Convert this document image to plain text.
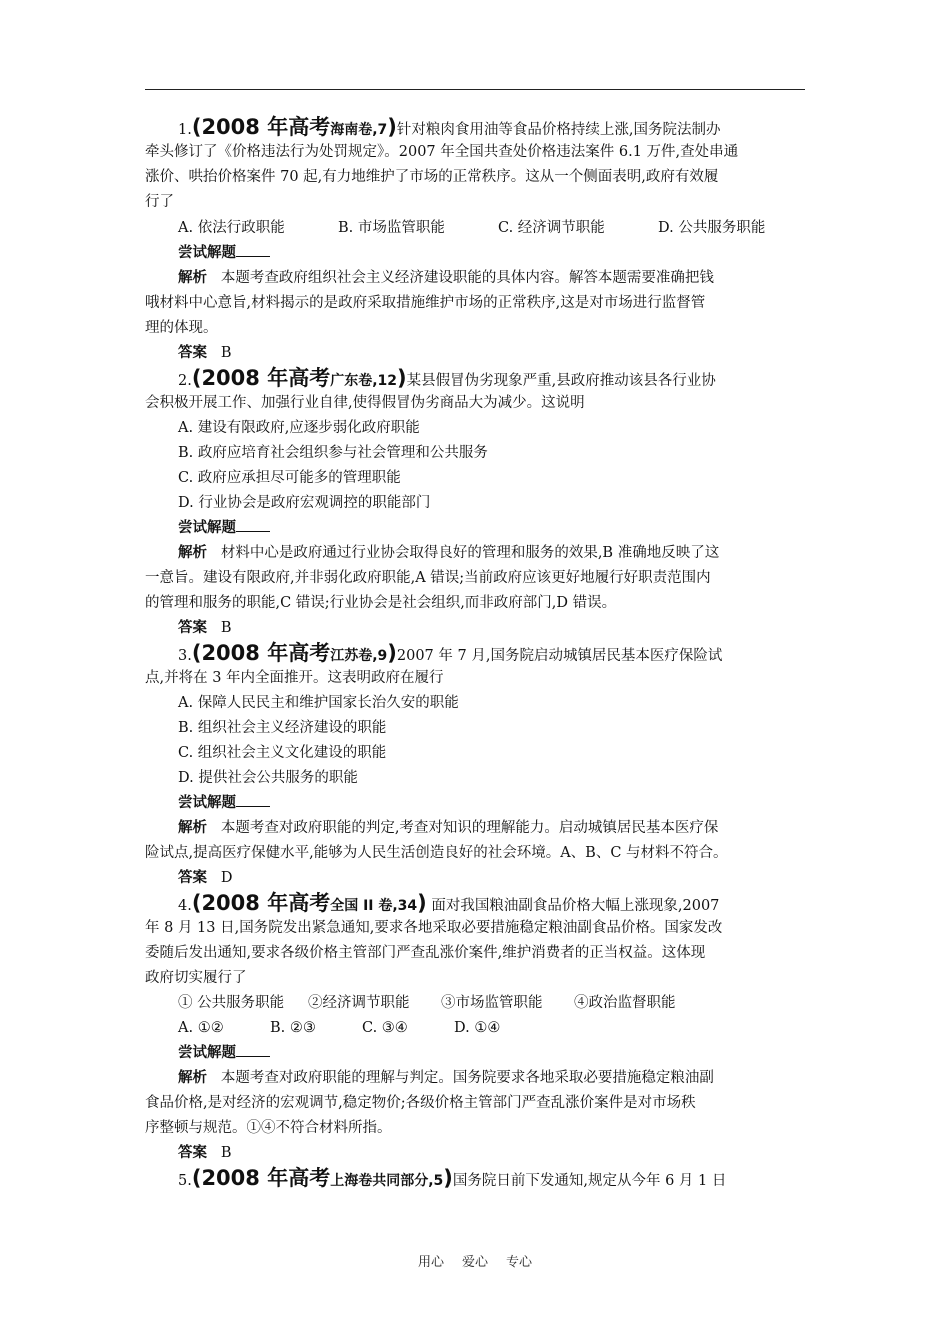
1.(2008 年高考海南卷,7)针对粮肉食用油等食品价格持续上涨,国务院法制办
牵头修订了《价格违法行为处罚规定》。2007 年全国共查处价格违法案件 6.1 万件,查处串通
涨价、哄抬价格案件 70 起,有力地维护了市场的正常秩序。这从一个侧面表明,政府有效履
行了
A. 依法行政职能	B. 市场监管职能	C. 经济调节职能	D. 公共服务职能
尝试解题
解析 本题考查政府组织社会主义经济建设职能的具体内容。解答本题需要准确把钱
哦材料中心意旨,材料揭示的是政府采取措施维护市场的正常秩序,这是对市场进行监督管
理的体现。
答案 B
2.(2008 年高考广东卷,12)某县假冒伪劣现象严重,县政府推动该县各行业协
会积极开展工作、加强行业自律,使得假冒伪劣商品大为减少。这说明
A. 建设有限政府,应逐步弱化政府职能
B. 政府应培育社会组织参与社会管理和公共服务
C. 政府应承担尽可能多的管理职能
D. 行业协会是政府宏观调控的职能部门
尝试解题
解析 材料中心是政府通过行业协会取得良好的管理和服务的效果,B 准确地反映了这
一意旨。建设有限政府,并非弱化政府职能,A 错误;当前政府应该更好地履行好职责范围内
的管理和服务的职能,C 错误;行业协会是社会组织,而非政府部门,D 错误。
答案 B
3.(2008 年高考江苏卷,9)2007 年 7 月,国务院启动城镇居民基本医疗保险试
点,并将在 3 年内全面推开。这表明政府在履行
A. 保障人民民主和维护国家长治久安的职能
B. 组织社会主义经济建设的职能
C. 组织社会主义文化建设的职能
D. 提供社会公共服务的职能
尝试解题
解析 本题考查对政府职能的判定,考查对知识的理解能力。启动城镇居民基本医疗保
险试点,提高医疗保健水平,能够为人民生活创造良好的社会环境。A、B、C 与材料不符合。
答案 D
4.(2008 年高考全国 II 卷,34) 面对我国粮油副食品价格大幅上涨现象,2007
年 8 月 13 日,国务院发出紧急通知,要求各地采取必要措施稳定粮油副食品价格。国家发改
委随后发出通知,要求各级价格主管部门严查乱涨价案件,维护消费者的正当权益。这体现
政府切实履行了
① 公共服务职能 ②经济调节职能 ③市场监管职能 ④政治监督职能
A. ①②	B. ②③	C. ③④	D. ①④
尝试解题
解析 本题考查对政府职能的理解与判定。国务院要求各地采取必要措施稳定粮油副
食品价格,是对经济的宏观调节,稳定物价;各级价格主管部门严查乱涨价案件是对市场秩
序整顿与规范。①④不符合材料所指。
答案 B
5.(2008 年高考上海卷共同部分,5)国务院日前下发通知,规定从今年 6 月 1 日
用心 爱心 专心
